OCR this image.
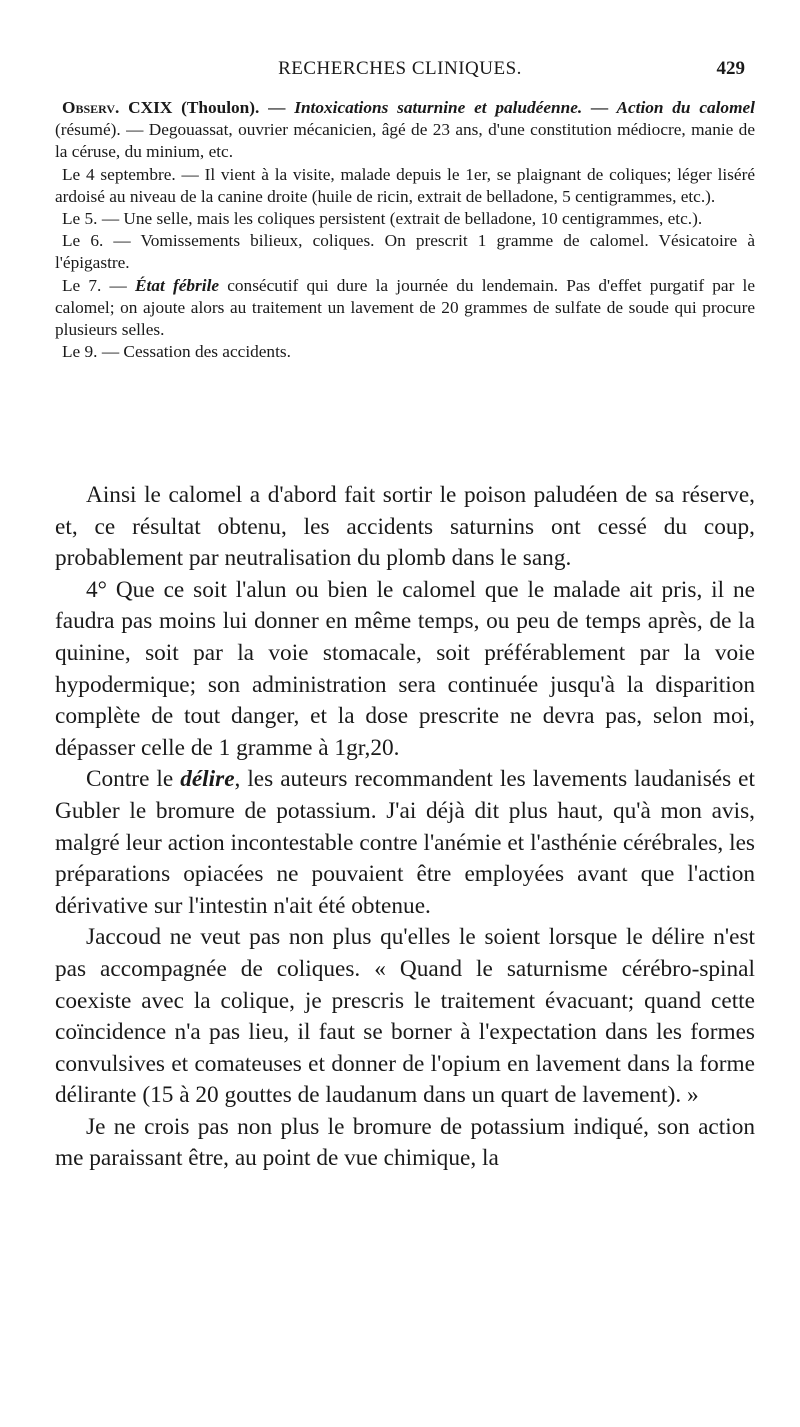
RECHERCHES CLINIQUES.	429

Observ. CXIX (Thoulon). — Intoxications saturnine et paludéenne. — Action du calomel (résumé). — Degouassat, ouvrier mécanicien, âgé de 23 ans, d'une constitution médiocre, manie de la céruse, du minium, etc.

Le 4 septembre. — Il vient à la visite, malade depuis le 1er, se plaignant de coliques; léger liséré ardoisé au niveau de la canine droite (huile de ricin, extrait de belladone, 5 centigrammes, etc.).

Le 5. — Une selle, mais les coliques persistent (extrait de belladone, 10 centigrammes, etc.).

Le 6. — Vomissements bilieux, coliques. On prescrit 1 gramme de calomel. Vésicatoire à l'épigastre.

Le 7. — État fébrile consécutif qui dure la journée du lendemain. Pas d'effet purgatif par le calomel; on ajoute alors au traitement un lavement de 20 grammes de sulfate de soude qui procure plusieurs selles.

Le 9. — Cessation des accidents.

Ainsi le calomel a d'abord fait sortir le poison paludéen de sa réserve, et, ce résultat obtenu, les accidents saturnins ont cessé du coup, probablement par neutralisation du plomb dans le sang.

4° Que ce soit l'alun ou bien le calomel que le malade ait pris, il ne faudra pas moins lui donner en même temps, ou peu de temps après, de la quinine, soit par la voie stomacale, soit préférablement par la voie hypodermique; son administration sera continuée jusqu'à la disparition complète de tout danger, et la dose prescrite ne devra pas, selon moi, dépasser celle de 1 gramme à 1gr,20.

Contre le délire, les auteurs recommandent les lavements laudanisés et Gubler le bromure de potassium. J'ai déjà dit plus haut, qu'à mon avis, malgré leur action incontestable contre l'anémie et l'asthénie cérébrales, les préparations opiacées ne pouvaient être employées avant que l'action dérivative sur l'intestin n'ait été obtenue.

Jaccoud ne veut pas non plus qu'elles le soient lorsque le délire n'est pas accompagnée de coliques. « Quand le saturnisme cérébro-spinal coexiste avec la colique, je prescris le traitement évacuant; quand cette coïncidence n'a pas lieu, il faut se borner à l'expectation dans les formes convulsives et comateuses et donner de l'opium en lavement dans la forme délirante (15 à 20 gouttes de laudanum dans un quart de lavement). »

Je ne crois pas non plus le bromure de potassium indiqué, son action me paraissant être, au point de vue chimique, la
